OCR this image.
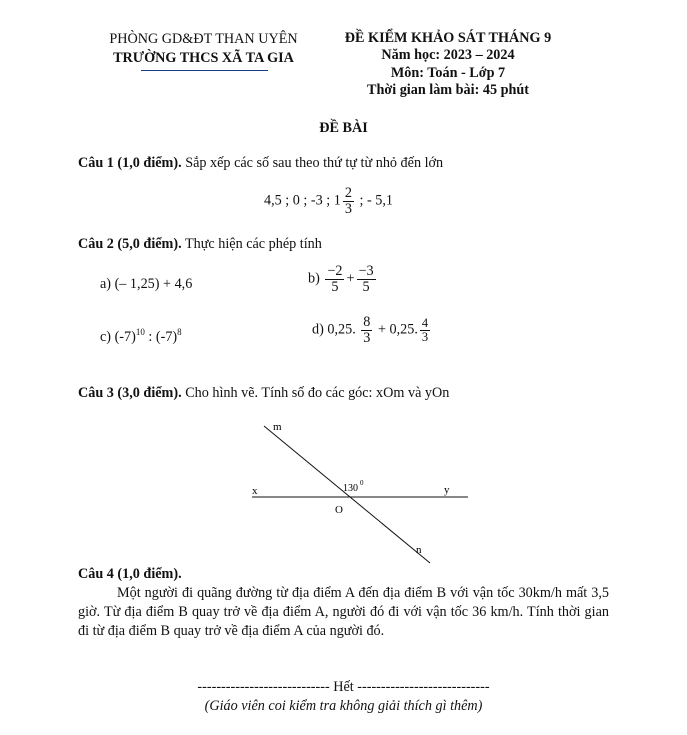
PHÒNG GD&ĐT THAN UYÊN
TRƯỜNG THCS XÃ TA GIA
ĐỀ KIỂM KHẢO SÁT THÁNG 9
Năm học: 2023 – 2024
Môn: Toán - Lớp 7
Thời gian làm bài: 45 phút
ĐỀ BÀI
Câu 1 (1,0 điểm). Sắp xếp các số sau theo thứ tự từ nhỏ đến lớn
4,5 ; 0 ; -3 ; $1 \frac{2}{3}$ ; - 5,1
Câu 2 (5,0 điểm). Thực hiện các phép tính
a) (– 1,25) + 4,6	$b) \frac{-2}{5} + \frac{-3}{5}$
c) $(-7)^{10}$ : $(-7)^8$	d) 0,25. $\frac{8}{3} + 0,25$. $\frac{4}{3}$
Câu 3 (3,0 điểm). Cho hình vẽ. Tính số đo các góc: xOm và yOn
m
x	y
O
n
130 0
Câu 4 (1,0 điểm).
Một người đi quãng đường từ địa điểm A đến địa điểm B với vận tốc 30km/h mất 3,5 giờ. Từ địa điểm B quay trở về địa điểm A, người đó đi với vận tốc 36 km/h. Tính thời gian đi từ địa điểm B quay trở về địa điểm A của người đó.
---------------------------- Hết ----------------------------
(Giáo viên coi kiểm tra không giải thích gì thêm)
